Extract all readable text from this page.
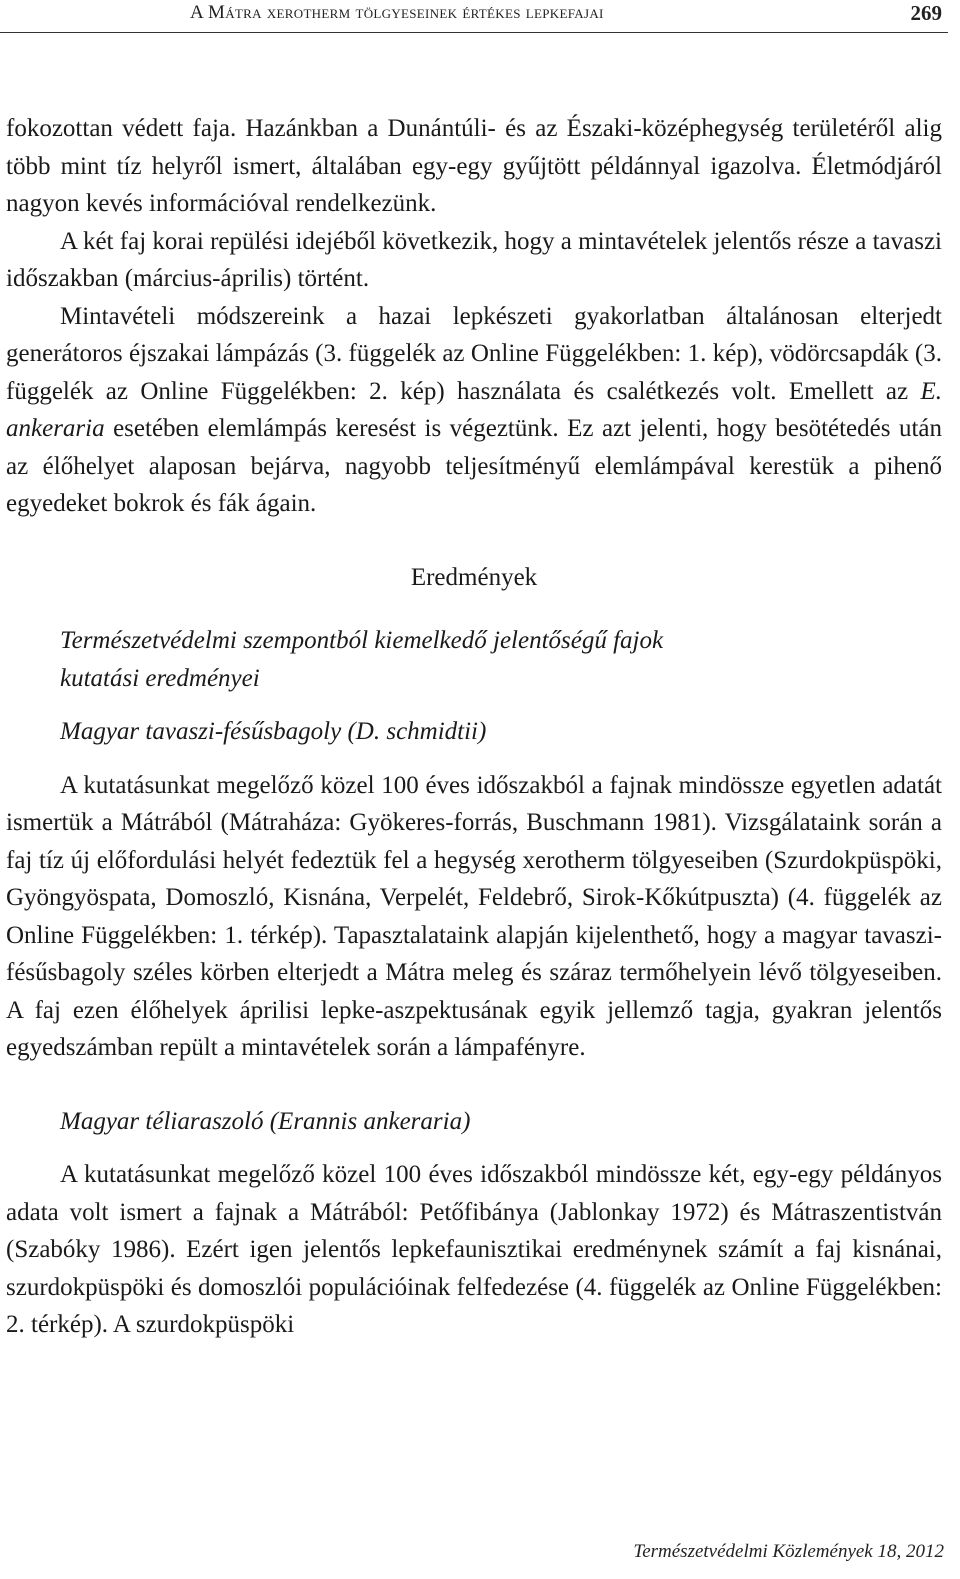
A Mátra xerotherm tölgyeseinek értékes lepkefajai	269

fokozottan védett faja. Hazánkban a Dunántúli- és az Északi-középhegység területéről alig több mint tíz helyről ismert, általában egy-egy gyűjtött példánnyal igazolva. Életmódjáról nagyon kevés információval rendelkezünk.

A két faj korai repülési idejéből következik, hogy a mintavételek jelentős része a tavaszi időszakban (március-április) történt.

Mintavételi módszereink a hazai lepkészeti gyakorlatban általánosan elterjedt generátoros éjszakai lámpázás (3. függelék az Online Függelékben: 1. kép), vödörcsapdák (3. függelék az Online Függelékben: 2. kép) használata és csalétkezés volt. Emellett az E. ankeraria esetében elemlámpás keresést is végeztünk. Ez azt jelenti, hogy besötétedés után az élőhelyet alaposan bejárva, nagyobb teljesítményű elemlámpával kerestük a pihenő egyedeket bokrok és fák ágain.

Eredmények
Természetvédelmi szempontból kiemelkedő jelentőségű fajok
kutatási eredményei
Magyar tavaszi-fésűsbagoly (D. schmidtii)

A kutatásunkat megelőző közel 100 éves időszakból a fajnak mindössze egyetlen adatát ismertük a Mátrából (Mátraháza: Gyökeres-forrás, Buschmann 1981). Vizsgálataink során a faj tíz új előfordulási helyét fedeztük fel a hegység xerotherm tölgyeseiben (Szurdokpüspöki, Gyöngyöspata, Domoszló, Kisnána, Verpelét, Feldebrő, Sirok-Kőkútpuszta) (4. függelék az Online Függelékben: 1. térkép). Tapasztalataink alapján kijelenthető, hogy a magyar tavaszi-fésűsbagoly széles körben elterjedt a Mátra meleg és száraz termőhelyein lévő tölgyeseiben. A faj ezen élőhelyek áprilisi lepke-aszpektusának egyik jellemző tagja, gyakran jelentős egyedszámban repült a mintavételek során a lámpafényre.

Magyar téliaraszoló (Erannis ankeraria)

A kutatásunkat megelőző közel 100 éves időszakból mindössze két, egy-egy példányos adata volt ismert a fajnak a Mátrából: Petőfibánya (Jablonkay 1972) és Mátraszentistván (Szabóky 1986). Ezért igen jelentős lepkefaunisztikai eredménynek számít a faj kisnánai, szurdokpüspöki és domoszlói populációinak felfedezése (4. függelék az Online Függelékben: 2. térkép). A szurdokpüspöki

Természetvédelmi Közlemények 18, 2012
